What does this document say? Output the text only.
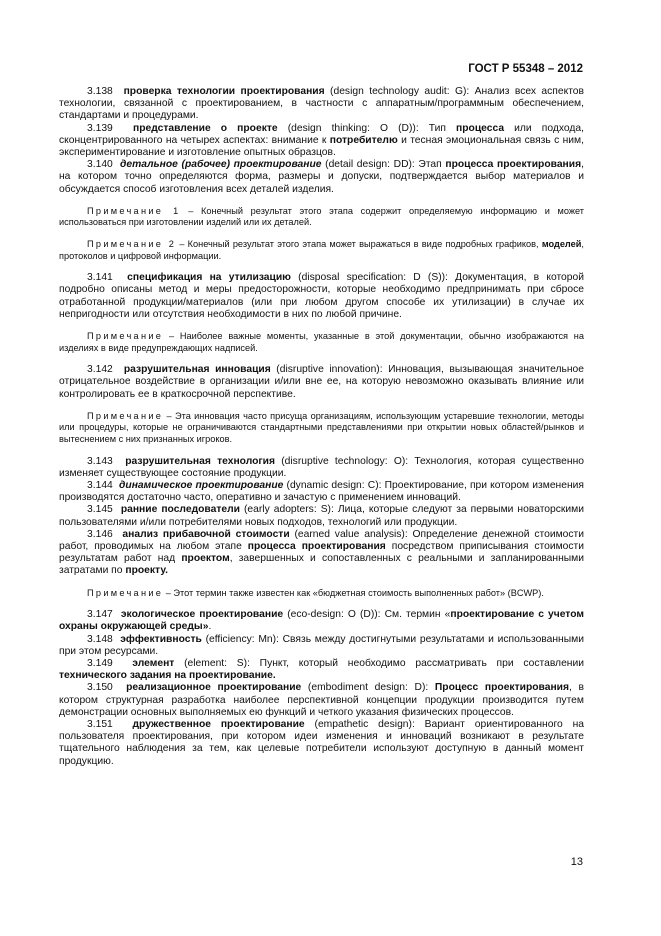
ГОСТ Р 55348 – 2012

3.138 проверка технологии проектирования (design technology audit: G): Анализ всех аспектов технологии, связанной с проектированием, в частности с аппаратным/программным обеспечением, стандартами и процедурами.

3.139 представление о проекте (design thinking: O (D)): Тип процесса или подхода, сконцентрированного на четырех аспектах: внимание к потребителю и тесная эмоциональная связь с ним, экспериментирование и изготовление опытных образцов.

3.140 детальное (рабочее) проектирование (detail design: DD): Этап процесса проектирования, на котором точно определяются форма, размеры и допуски, подтверждается выбор материалов и обсуждается способ изготовления всех деталей изделия.

Примечание 1 – Конечный результат этого этапа содержит определяемую информацию и может использоваться при изготовлении изделий или их деталей.

Примечание 2 – Конечный результат этого этапа может выражаться в виде подробных графиков, моделей, протоколов и цифровой информации.

3.141 спецификация на утилизацию (disposal specification: D (S)): Документация, в которой подробно описаны метод и меры предосторожности, которые необходимо предпринимать при сбросе отработанной продукции/материалов (или при любом другом способе их утилизации) в случае их непригодности или отсутствия необходимости в них по любой причине.

Примечание – Наиболее важные моменты, указанные в этой документации, обычно изображаются на изделиях в виде предупреждающих надписей.

3.142 разрушительная инновация (disruptive innovation): Инновация, вызывающая значительное отрицательное воздействие в организации и/или вне ее, на которую невозможно оказывать влияние или контролировать ее в краткосрочной перспективе.

Примечание – Эта инновация часто присуща организациям, использующим устаревшие технологии, методы или процедуры, которые не ограничиваются стандартными представлениями при открытии новых областей/рынков и вытеснением с них признанных игроков.

3.143 разрушительная технология (disruptive technology: O): Технология, которая существенно изменяет существующее состояние продукции.

3.144 динамическое проектирование (dynamic design: C): Проектирование, при котором изменения производятся достаточно часто, оперативно и зачастую с применением инноваций.

3.145 ранние последователи (early adopters: S): Лица, которые следуют за первыми новаторскими пользователями и/или потребителями новых подходов, технологий или продукции.

3.146 анализ прибавочной стоимости (earned value analysis): Определение денежной стоимости работ, проводимых на любом этапе процесса проектирования посредством приписывания стоимости результатам работ над проектом, завершенных и сопоставленных с реальными и запланированными затратами по проекту.

Примечание – Этот термин также известен как «бюджетная стоимость выполненных работ» (BCWP).

3.147 экологическое проектирование (eco-design: O (D)): См. термин «проектирование с учетом охраны окружающей среды».

3.148 эффективность (efficiency: Mn): Связь между достигнутыми результатами и использованными при этом ресурсами.

3.149 элемент (element: S): Пункт, который необходимо рассматривать при составлении технического задания на проектирование.

3.150 реализационное проектирование (embodiment design: D): Процесс проектирования, в котором структурная разработка наиболее перспективной концепции продукции производится путем демонстрации основных выполняемых ею функций и четкого указания физических процессов.

3.151 дружественное проектирование (empathetic design): Вариант ориентированного на пользователя проектирования, при котором идеи изменения и инноваций возникают в результате тщательного наблюдения за тем, как целевые потребители используют доступную в данный момент продукцию.

13
